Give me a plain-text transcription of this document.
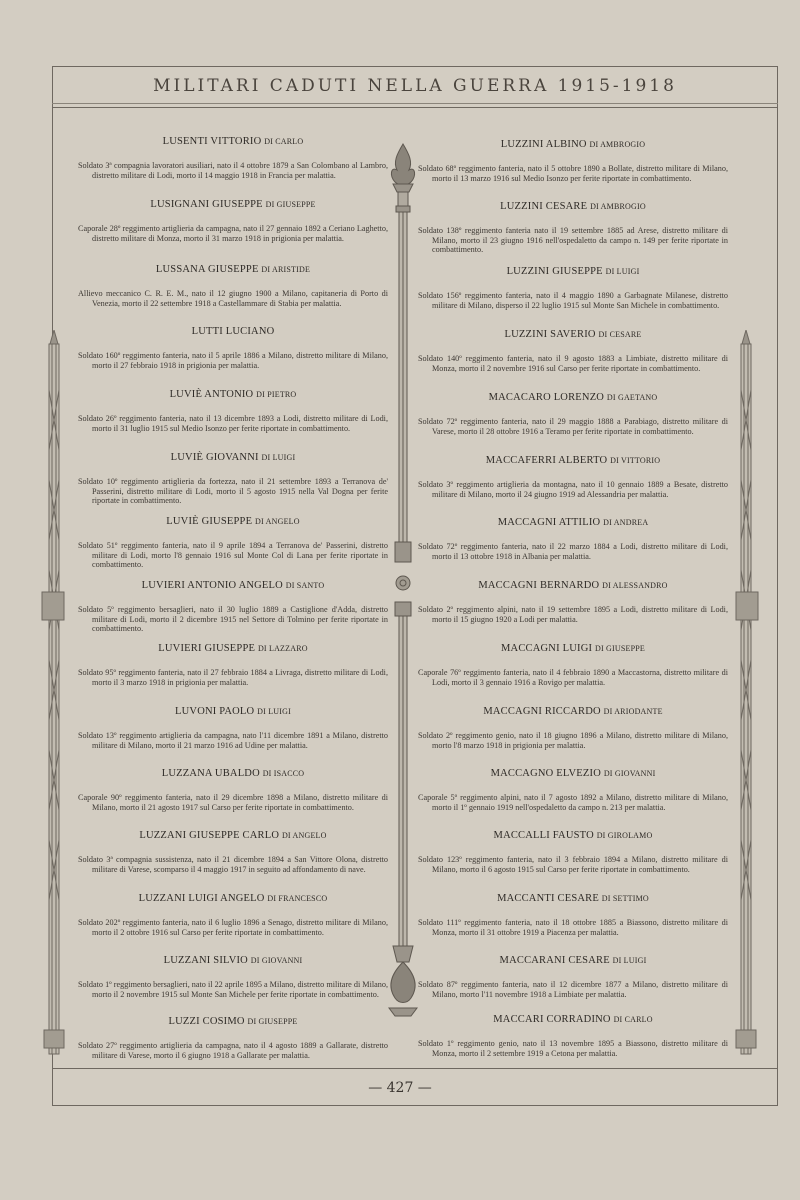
MILITARI CADUTI NELLA GUERRA 1915-1918
LUSENTI VITTORIO DI CARLO
Soldato 3ª compagnia lavoratori ausiliari, nato il 4 ottobre 1879 a San Colombano al Lambro, distretto militare di Lodi, morto il 14 maggio 1918 in Francia per malattia.
LUSIGNANI GIUSEPPE DI GIUSEPPE
Caporale 28º reggimento artiglieria da campagna, nato il 27 gennaio 1892 a Ceriano Laghetto, distretto militare di Monza, morto il 31 marzo 1918 in prigionia per malattia.
LUSSANA GIUSEPPE DI ARISTIDE
Allievo meccanico C. R. E. M., nato il 12 giugno 1900 a Milano, capitaneria di Porto di Venezia, morto il 22 settembre 1918 a Castellammare di Stabia per malattia.
LUTTI LUCIANO
Soldato 160º reggimento fanteria, nato il 5 aprile 1886 a Milano, distretto militare di Milano, morto il 27 febbraio 1918 in prigionia per malattia.
LUVIÈ ANTONIO DI PIETRO
Soldato 26º reggimento fanteria, nato il 13 dicembre 1893 a Lodi, distretto militare di Lodi, morto il 31 luglio 1915 sul Medio Isonzo per ferite riportate in combattimento.
LUVIÈ GIOVANNI DI LUIGI
Soldato 10º reggimento artiglieria da fortezza, nato il 21 settembre 1893 a Terranova de' Passerini, distretto militare di Lodi, morto il 5 agosto 1915 nella Val Dogna per ferite riportate in combattimento.
LUVIÈ GIUSEPPE DI ANGELO
Soldato 51º reggimento fanteria, nato il 9 aprile 1894 a Terranova de' Passerini, distretto militare di Lodi, morto l'8 gennaio 1916 sul Monte Col di Lana per ferite riportate in combattimento.
LUVIERI ANTONIO ANGELO DI SANTO
Soldato 5º reggimento bersaglieri, nato il 30 luglio 1889 a Castiglione d'Adda, distretto militare di Lodi, morto il 2 dicembre 1915 nel Settore di Tolmino per ferite riportate in combattimento.
LUVIERI GIUSEPPE DI LAZZARO
Soldato 95º reggimento fanteria, nato il 27 febbraio 1884 a Livraga, distretto militare di Lodi, morto il 3 marzo 1918 in prigionia per malattia.
LUVONI PAOLO DI LUIGI
Soldato 13º reggimento artiglieria da campagna, nato l'11 dicembre 1891 a Milano, distretto militare di Milano, morto il 21 marzo 1916 ad Udine per malattia.
LUZZANA UBALDO DI ISACCO
Caporale 90º reggimento fanteria, nato il 29 dicembre 1898 a Milano, distretto militare di Milano, morto il 21 agosto 1917 sul Carso per ferite riportate in combattimento.
LUZZANI GIUSEPPE CARLO DI ANGELO
Soldato 3ª compagnia sussistenza, nato il 21 dicembre 1894 a San Vittore Olona, distretto militare di Varese, scomparso il 4 maggio 1917 in seguito ad affondamento di nave.
LUZZANI LUIGI ANGELO DI FRANCESCO
Soldato 202º reggimento fanteria, nato il 6 luglio 1896 a Senago, distretto militare di Milano, morto il 2 ottobre 1916 sul Carso per ferite riportate in combattimento.
LUZZANI SILVIO DI GIOVANNI
Soldato 1º reggimento bersaglieri, nato il 22 aprile 1895 a Milano, distretto militare di Milano, morto il 2 novembre 1915 sul Monte San Michele per ferite riportate in combattimento.
LUZZI COSIMO DI GIUSEPPE
Soldato 27º reggimento artiglieria da campagna, nato il 4 agosto 1889 a Gallarate, distretto militare di Varese, morto il 6 giugno 1918 a Gallarate per malattia.
LUZZINI ALBINO DI AMBROGIO
Soldato 68º reggimento fanteria, nato il 5 ottobre 1890 a Bollate, distretto militare di Milano, morto il 13 marzo 1916 sul Medio Isonzo per ferite riportate in combattimento.
LUZZINI CESARE DI AMBROGIO
Soldato 138º reggimento fanteria nato il 19 settembre 1885 ad Arese, distretto militare di Milano, morto il 23 giugno 1916 nell'ospedaletto da campo n. 149 per ferite riportate in combattimento.
LUZZINI GIUSEPPE DI LUIGI
Soldato 156º reggimento fanteria, nato il 4 maggio 1890 a Garbagnate Milanese, distretto militare di Milano, disperso il 22 luglio 1915 sul Monte San Michele in combattimento.
LUZZINI SAVERIO DI CESARE
Soldato 140º reggimento fanteria, nato il 9 agosto 1883 a Limbiate, distretto militare di Monza, morto il 2 novembre 1916 sul Carso per ferite riportate in combattimento.
MACACARO LORENZO DI GAETANO
Soldato 72º reggimento fanteria, nato il 29 maggio 1888 a Parabiago, distretto militare di Varese, morto il 28 ottobre 1916 a Teramo per ferite riportate in combattimento.
MACCAFERRI ALBERTO DI VITTORIO
Soldato 3º reggimento artiglieria da montagna, nato il 10 gennaio 1889 a Besate, distretto militare di Milano, morto il 24 giugno 1919 ad Alessandria per malattia.
MACCAGNI ATTILIO DI ANDREA
Soldato 72º reggimento fanteria, nato il 22 marzo 1884 a Lodi, distretto militare di Lodi, morto il 13 ottobre 1918 in Albania per malattia.
MACCAGNI BERNARDO DI ALESSANDRO
Soldato 2º reggimento alpini, nato il 19 settembre 1895 a Lodi, distretto militare di Lodi, morto il 15 giugno 1920 a Lodi per malattia.
MACCAGNI LUIGI DI GIUSEPPE
Caporale 76º reggimento fanteria, nato il 4 febbraio 1890 a Maccastorna, distretto militare di Lodi, morto il 3 gennaio 1916 a Rovigo per malattia.
MACCAGNI RICCARDO DI ARIODANTE
Soldato 2º reggimento genio, nato il 18 giugno 1896 a Milano, distretto militare di Milano, morto l'8 marzo 1918 in prigionia per malattia.
MACCAGNO ELVEZIO DI GIOVANNI
Caporale 5º reggimento alpini, nato il 7 agosto 1892 a Milano, distretto militare di Milano, morto il 1º gennaio 1919 nell'ospedaletto da campo n. 213 per malattia.
MACCALLI FAUSTO DI GIROLAMO
Soldato 123º reggimento fanteria, nato il 3 febbraio 1894 a Milano, distretto militare di Milano, morto il 6 agosto 1915 sul Carso per ferite riportate in combattimento.
MACCANTI CESARE DI SETTIMO
Soldato 111º reggimento fanteria, nato il 18 ottobre 1885 a Biassono, distretto militare di Monza, morto il 31 ottobre 1919 a Piacenza per malattia.
MACCARANI CESARE DI LUIGI
Soldato 87º reggimento fanteria, nato il 12 dicembre 1877 a Milano, distretto militare di Milano, morto l'11 novembre 1918 a Limbiate per malattia.
MACCARI CORRADINO DI CARLO
Soldato 1º reggimento genio, nato il 13 novembre 1895 a Biassono, distretto militare di Monza, morto il 2 settembre 1919 a Cetona per malattia.
— 427 —
